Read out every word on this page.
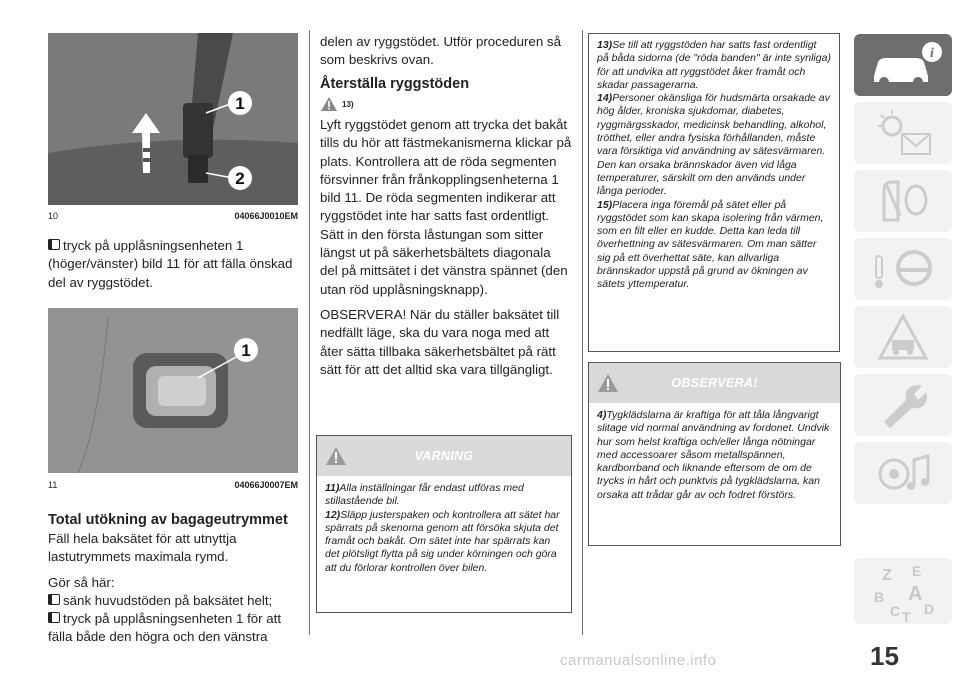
1
2
10	04066J0010EM
tryck på upplåsningsenheten 1 (höger/vänster) bild 11 för att fälla önskad del av ryggstödet.
1
11	04066J0007EM
Total utökning av bagageutrymmet

Fäll hela baksätet för att utnyttja lastutrymmets maximala rymd.

Gör så här:
sänk huvudstöden på baksätet helt;
tryck på upplåsningsenheten 1 för att fälla både den högra och den vänstra
delen av ryggstödet. Utför proceduren så som beskrivs ovan.
Återställa ryggstöden
13)

Lyft ryggstödet genom att trycka det bakåt tills du hör att fästmekanismerna klickar på plats. Kontrollera att de röda segmenten försvinner från frånkopplingsenheterna 1 bild 11. De röda segmenten indikerar att ryggstödet inte har satts fast ordentligt. Sätt in den första låstungan som sitter längst ut på säkerhetsbältets diagonala del på mittsätet i det vänstra spännet (den utan röd upplåsningsknapp).

OBSERVERA! När du ställer baksätet till nedfällt läge, ska du vara noga med att åter sätta tillbaka säkerhetsbältet på rätt sätt för att det alltid ska vara tillgängligt.

VARNING
11)Alla inställningar får endast utföras med stillastående bil.
12)Släpp justerspaken och kontrollera att sätet har spärrats på skenorna genom att försöka skjuta det framåt och bakåt. Om sätet inte har spärrats kan det plötsligt flytta på sig under körningen och göra att du förlorar kontrollen över bilen.
13)Se till att ryggstöden har satts fast ordentligt på båda sidorna (de "röda banden" är inte synliga) för att undvika att ryggstödet åker framåt och skadar passagerarna.
14)Personer okänsliga för hudsmärta orsakade av hög ålder, kroniska sjukdomar, diabetes, ryggmärgsskador, medicinsk behandling, alkohol, trötthet, eller andra fysiska förhållanden, måste vara försiktiga vid användning av sätesvärmaren. Den kan orsaka brännskador även vid låga temperaturer, särskilt om den används under långa perioder.
15)Placera inga föremål på sätet eller på ryggstödet som kan skapa isolering från värmen, som en filt eller en kudde. Detta kan leda till överhettning av sätesvärmaren. Om man sätter sig på ett överhettat säte, kan allvarliga brännskador uppstå på grund av ökningen av sätets yttemperatur.
OBSERVERA!
4)Tygklädslarna är kraftiga för att tåla långvarigt slitage vid normal användning av fordonet. Undvik hur som helst kraftiga och/eller långa nötningar med accessoarer såsom metallspännen, kardborrband och liknande eftersom de om de trycks in hårt och punktvis på tygklädslarna, kan orsaka att trådar går av och fodret förstörs.
i
Z E
B A
C T D
15
carmanualsonline.info
